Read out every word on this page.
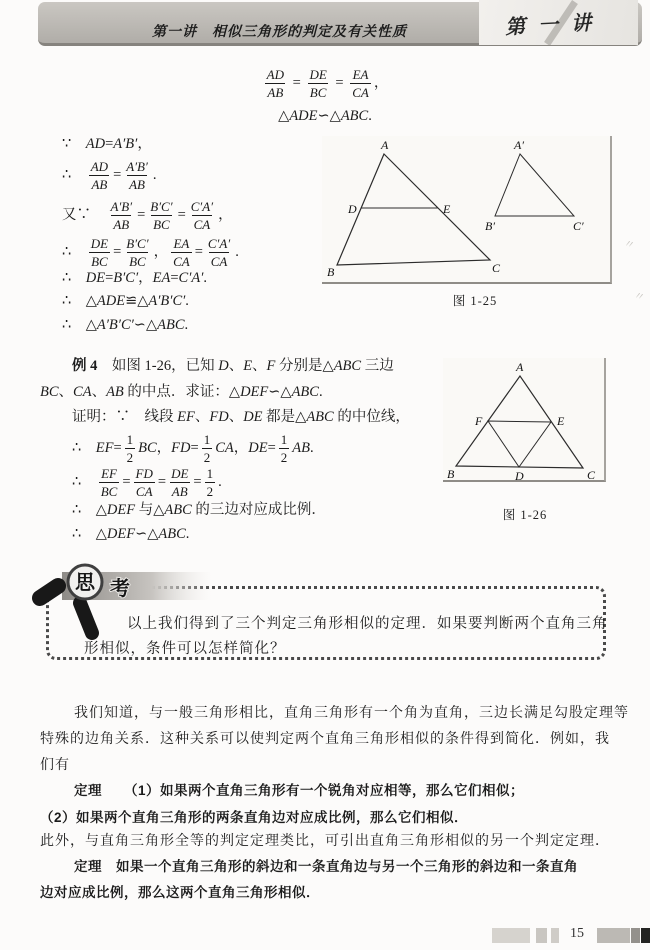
第一讲　相似三角形的判定及有关性质	第一讲
$\frac{AD}{AB} = \frac{DE}{BC} = \frac{EA}{CA}$ ，
△ ADE ∽ △ ABC .
∵　 AD = A′B′ ，
∴　 $\frac{AD}{AB} = \frac{A'B'}{AB}$ .
又∵　 $\frac{A'B'}{AB} = \frac{B'C'}{BC} = \frac{C'A'}{CA}$ ，
∴　 $\frac{DE}{BC} = \frac{B'C'}{BC}$ ， $\frac{EA}{CA} = \frac{C'A'}{CA}$ .
∴　 DE = B′C′ ， EA = C′A′ .
∴　 △ ADE ≌ △ A′B′C′ .
∴　 △ A′B′C′ ∽ △ ABC .
A
B	C
D	E
A′
B′	C′
图 1-25
例 4 　如图 1-26，已知 D 、 E 、 F 分别是△ ABC 三边
BC 、 CA 、 AB 的中点．求证：△ DEF ∽△ ABC .
证明：∵　线段 EF 、 FD 、 DE 都是△ ABC 的中位线，
∴　 EF = $\frac{1}{2}$ BC ， FD = $\frac{1}{2}$ CA ， DE = $\frac{1}{2}$ AB .
∴　 $\frac{EF}{BC} = \frac{FD}{CA} = \frac{DE}{AB} = \frac{1}{2}$ .
∴　△ DEF 与△ ABC 的三边对应成比例．
∴　△ DEF ∽△ ABC .
A
B	C
D
F	E
图 1-26
思 考
以上我们得到了三个判定三角形相似的定理．如果要判断两个直角三角
形相似，条件可以怎样简化？
我们知道，与一般三角形相比，直角三角形有一个角为直角，三边长满足勾股定理等
特殊的边角关系．这种关系可以使判定两个直角三角形相似的条件得到简化．例如，我
们有
定理 （1）如果两个直角三角形有一个锐角对应相等，那么它们相似；
（2）如果两个直角三角形的两条直角边对应成比例，那么它们相似．
此外，与直角三角形全等的判定定理类比，可引出直角三角形相似的另一个判定定理．
定理 如果一个直角三角形的斜边和一条直角边与另一个三角形的斜边和一条直角
边对应成比例，那么这两个直角三角形相似．
〃
〃
15
